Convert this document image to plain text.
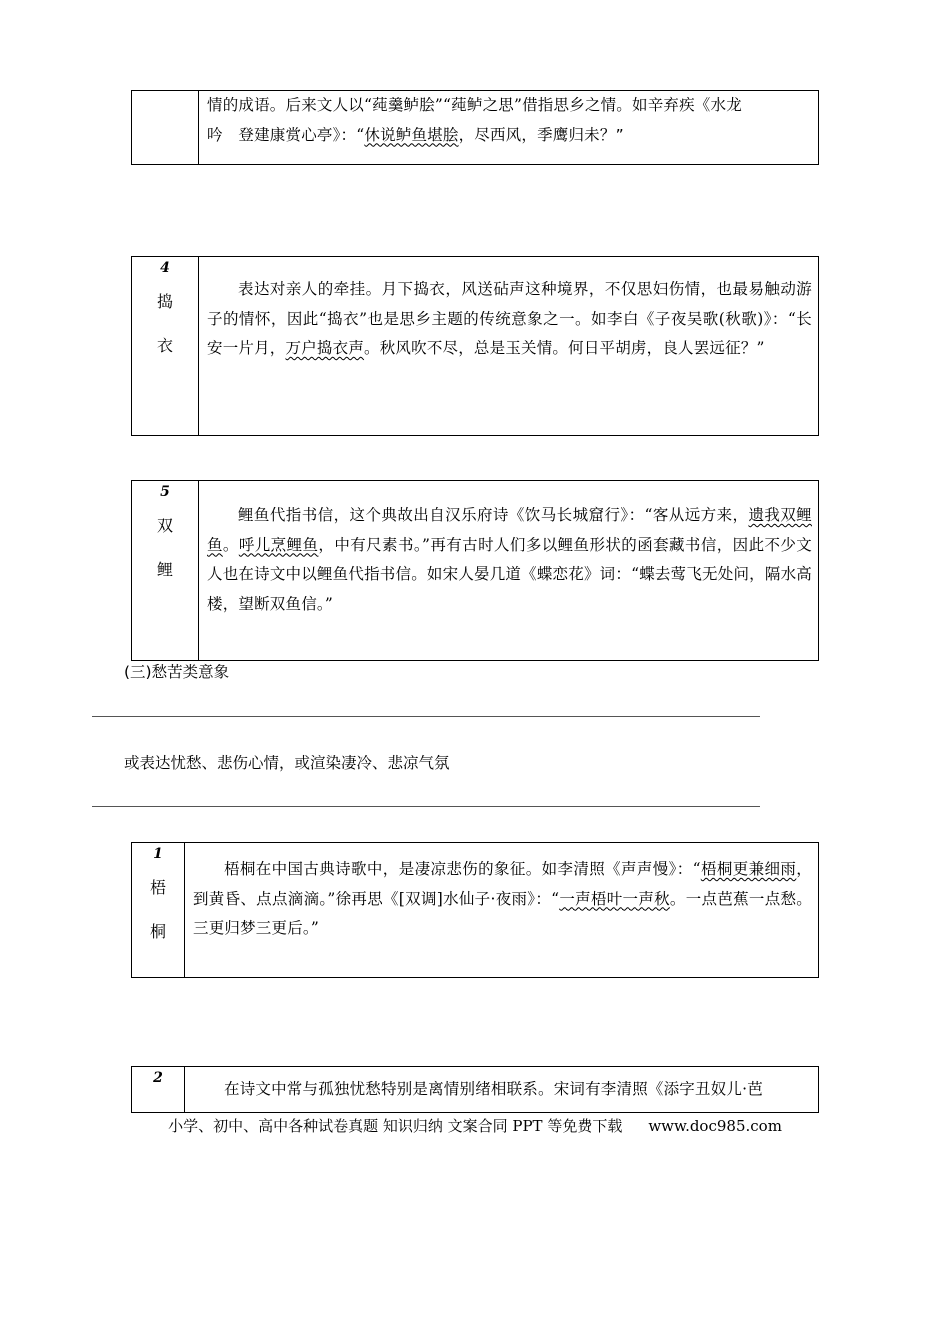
情的成语。后来文人以“莼羹鲈脍”“莼鲈之思”借指思乡之情。如辛弃疾《水龙

吟　登建康赏心亭》：“休说鲈鱼堪脍，尽西风，季鹰归未？”

4
捣
衣

表达对亲人的牵挂。月下捣衣，风送砧声这种境界，不仅思妇伤情，也最易触动游子的情怀，因此“捣衣”也是思乡主题的传统意象之一。如李白《子夜吴歌(秋歌)》：“长安一片月，万户捣衣声。秋风吹不尽，总是玉关情。何日平胡虏，良人罢远征？”

5
双
鲤

鲤鱼代指书信，这个典故出自汉乐府诗《饮马长城窟行》：“客从远方来，遗我双鲤鱼。呼儿烹鲤鱼，中有尺素书。”再有古时人们多以鲤鱼形状的函套藏书信，因此不少文人也在诗文中以鲤鱼代指书信。如宋人晏几道《蝶恋花》词：“蝶去莺飞无处问，隔水高楼，望断双鱼信。”

(三)愁苦类意象
或表达忧愁、悲伤心情，或渲染凄冷、悲凉气氛
1
梧
桐

梧桐在中国古典诗歌中，是凄凉悲伤的象征。如李清照《声声慢》：“梧桐更兼细雨，到黄昏、点点滴滴。”徐再思《[双调]水仙子·夜雨》：“一声梧叶一声秋。一点芭蕉一点愁。三更归梦三更后。”

2

在诗文中常与孤独忧愁特别是离情别绪相联系。宋词有李清照《添字丑奴儿·芭

小学、初中、高中各种试卷真题 知识归纳 文案合同 PPT 等免费下载 www.doc985.com
